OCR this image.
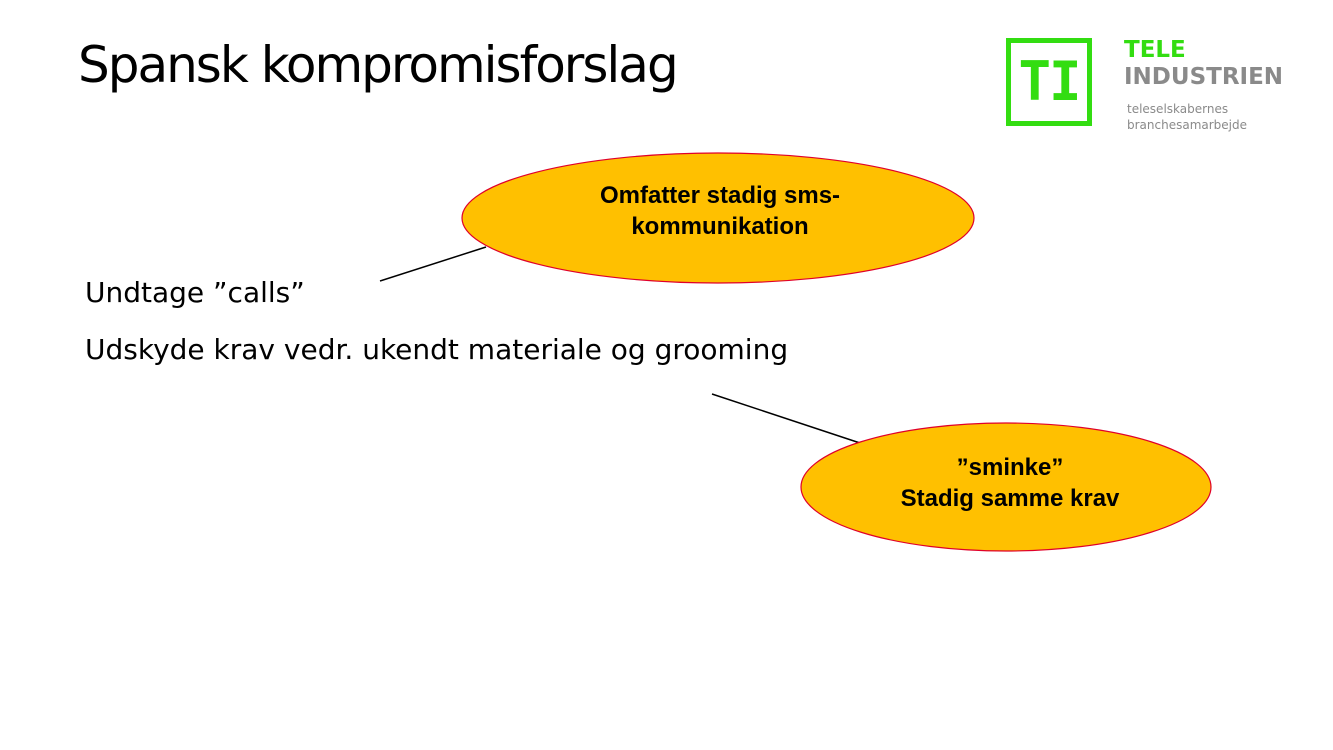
Spansk kompromisforslag	TI TELE
INDUSTRIEN
teleselskabernes
branchesamarbejde
Omfatter stadig sms-
kommunikation
”sminke”
Stadig samme krav
Undtage ”calls”
Udskyde krav vedr. ukendt materiale og grooming
